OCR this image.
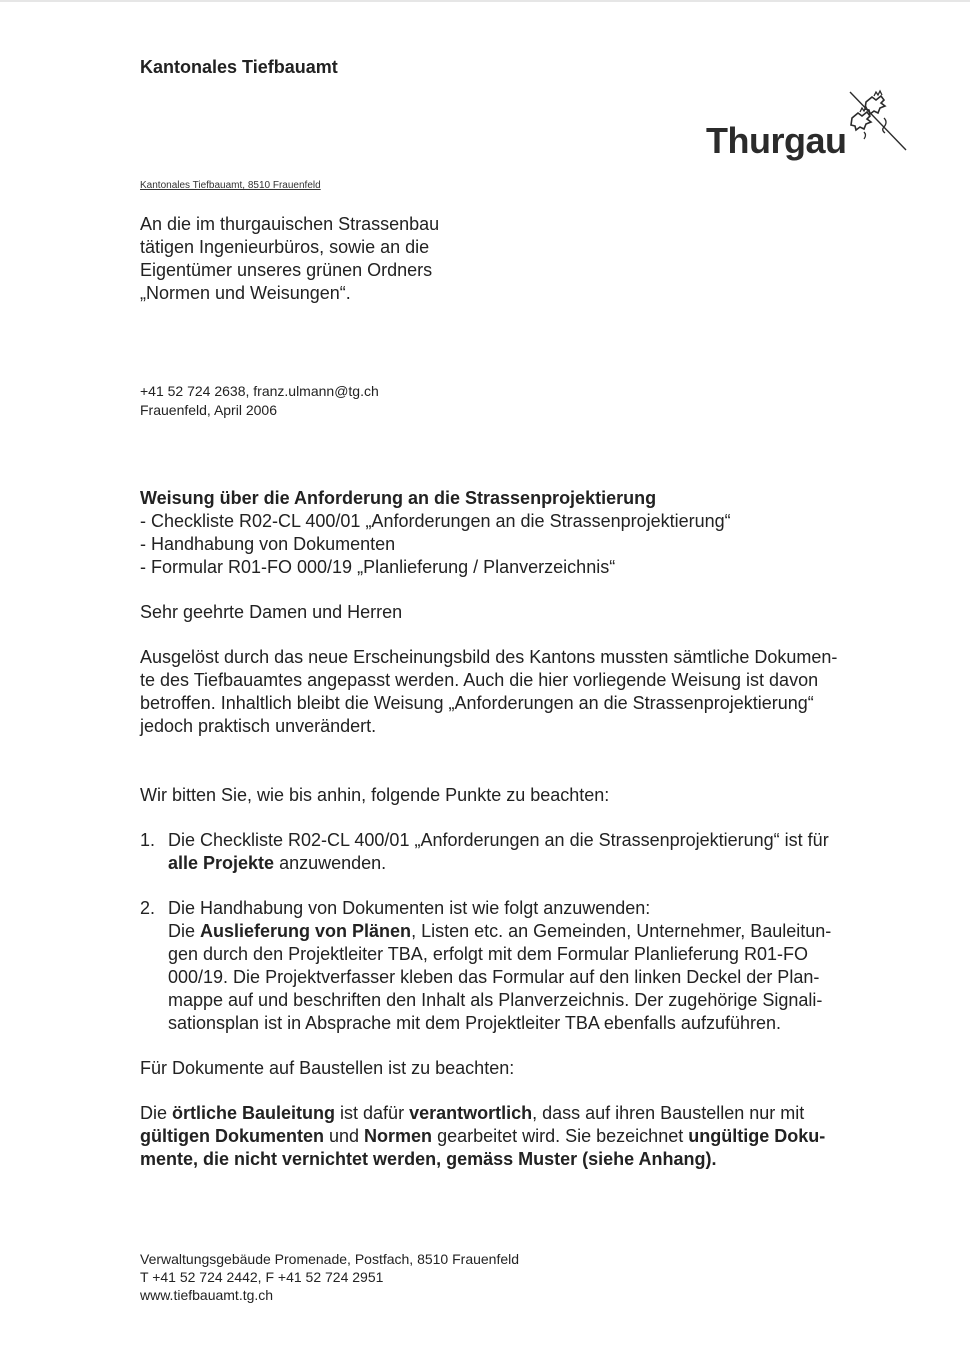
Kantonales Tiefbauamt
Thurgau
Kantonales Tiefbauamt, 8510 Frauenfeld
An die im thurgauischen Strassenbau
tätigen Ingenieurbüros, sowie an die
Eigentümer unseres grünen Ordners
„Normen und Weisungen“.
+41 52 724 2638, franz.ulmann@tg.ch
Frauenfeld, April 2006

Weisung über die Anforderung an die Strassenprojektierung

- Checkliste R02-CL 400/01 „Anforderungen an die Strassenprojektierung“

- Handhabung von Dokumenten

- Formular R01-FO 000/19 „Planlieferung / Planverzeichnis“

Sehr geehrte Damen und Herren

Ausgelöst durch das neue Erscheinungsbild des Kantons mussten sämtliche Dokumen-

te des Tiefbauamtes angepasst werden. Auch die hier vorliegende Weisung ist davon

betroffen. Inhaltlich bleibt die Weisung „Anforderungen an die Strassenprojektierung“

jedoch praktisch unverändert.

Wir bitten Sie, wie bis anhin, folgende Punkte zu beachten:

1. Die Checkliste R02-CL 400/01 „Anforderungen an die Strassenprojektierung“ ist für

alle Projekte anzuwenden.

2. Die Handhabung von Dokumenten ist wie folgt anzuwenden:

Die Auslieferung von Plänen, Listen etc. an Gemeinden, Unternehmer, Bauleitun-

gen durch den Projektleiter TBA, erfolgt mit dem Formular Planlieferung R01-FO

000/19. Die Projektverfasser kleben das Formular auf den linken Deckel der Plan-

mappe auf und beschriften den Inhalt als Planverzeichnis. Der zugehörige Signali-

sationsplan ist in Absprache mit dem Projektleiter TBA ebenfalls aufzuführen.

Für Dokumente auf Baustellen ist zu beachten:

Die örtliche Bauleitung ist dafür verantwortlich, dass auf ihren Baustellen nur mit

gültigen Dokumenten und Normen gearbeitet wird. Sie bezeichnet ungültige Doku-

mente, die nicht vernichtet werden, gemäss Muster (siehe Anhang).

Verwaltungsgebäude Promenade, Postfach, 8510 Frauenfeld
T +41 52 724 2442, F +41 52 724 2951
www.tiefbauamt.tg.ch
